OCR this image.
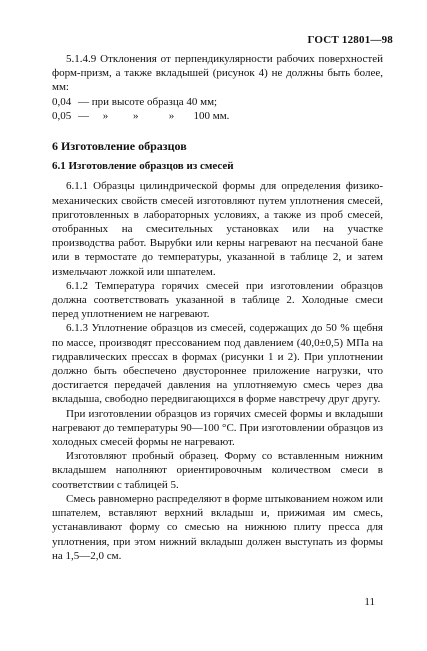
ГОСТ 12801—98

5.1.4.9 Отклонения от перпендикулярности рабочих поверхностей форм-призм, а также вкладышей (рисунок 4) не должны быть более, мм:

0,04 — при высоте образца 40 мм;
0,05 —     »         »           »       100 мм.
6 Изготовление образцов
6.1 Изготовление образцов из смесей

6.1.1 Образцы цилиндрической формы для определения физико-механических свойств смесей изготовляют путем уплотнения смесей, приготовленных в лабораторных условиях, а также из проб смесей, отобранных на смесительных установках или на участке производства работ. Вырубки или керны нагревают на песчаной бане или в термостате до температуры, указанной в таблице 2, и затем измельчают ложкой или шпателем.

6.1.2 Температура горячих смесей при изготовлении образцов должна соответствовать указанной в таблице 2. Холодные смеси перед уплотнением не нагревают.

6.1.3 Уплотнение образцов из смесей, содержащих до 50 % щебня по массе, производят прессованием под давлением (40,0±0,5) МПа на гидравлических прессах в формах (рисунки 1 и 2). При уплотнении должно быть обеспечено двустороннее приложение нагрузки, что достигается передачей давления на уплотняемую смесь через два вкладыша, свободно передвигающихся в форме навстречу друг другу.

При изготовлении образцов из горячих смесей формы и вкладыши нагревают до температуры 90—100 °С. При изготовлении образцов из холодных смесей формы не нагревают.

Изготовляют пробный образец. Форму со вставленным нижним вкладышем наполняют ориентировочным количеством смеси в соответствии с таблицей 5.

Смесь равномерно распределяют в форме штыкованием ножом или шпателем, вставляют верхний вкладыш и, прижимая им смесь, устанавливают форму со смесью на нижнюю плиту пресса для уплотнения, при этом нижний вкладыш должен выступать из формы на 1,5—2,0 см.

11
